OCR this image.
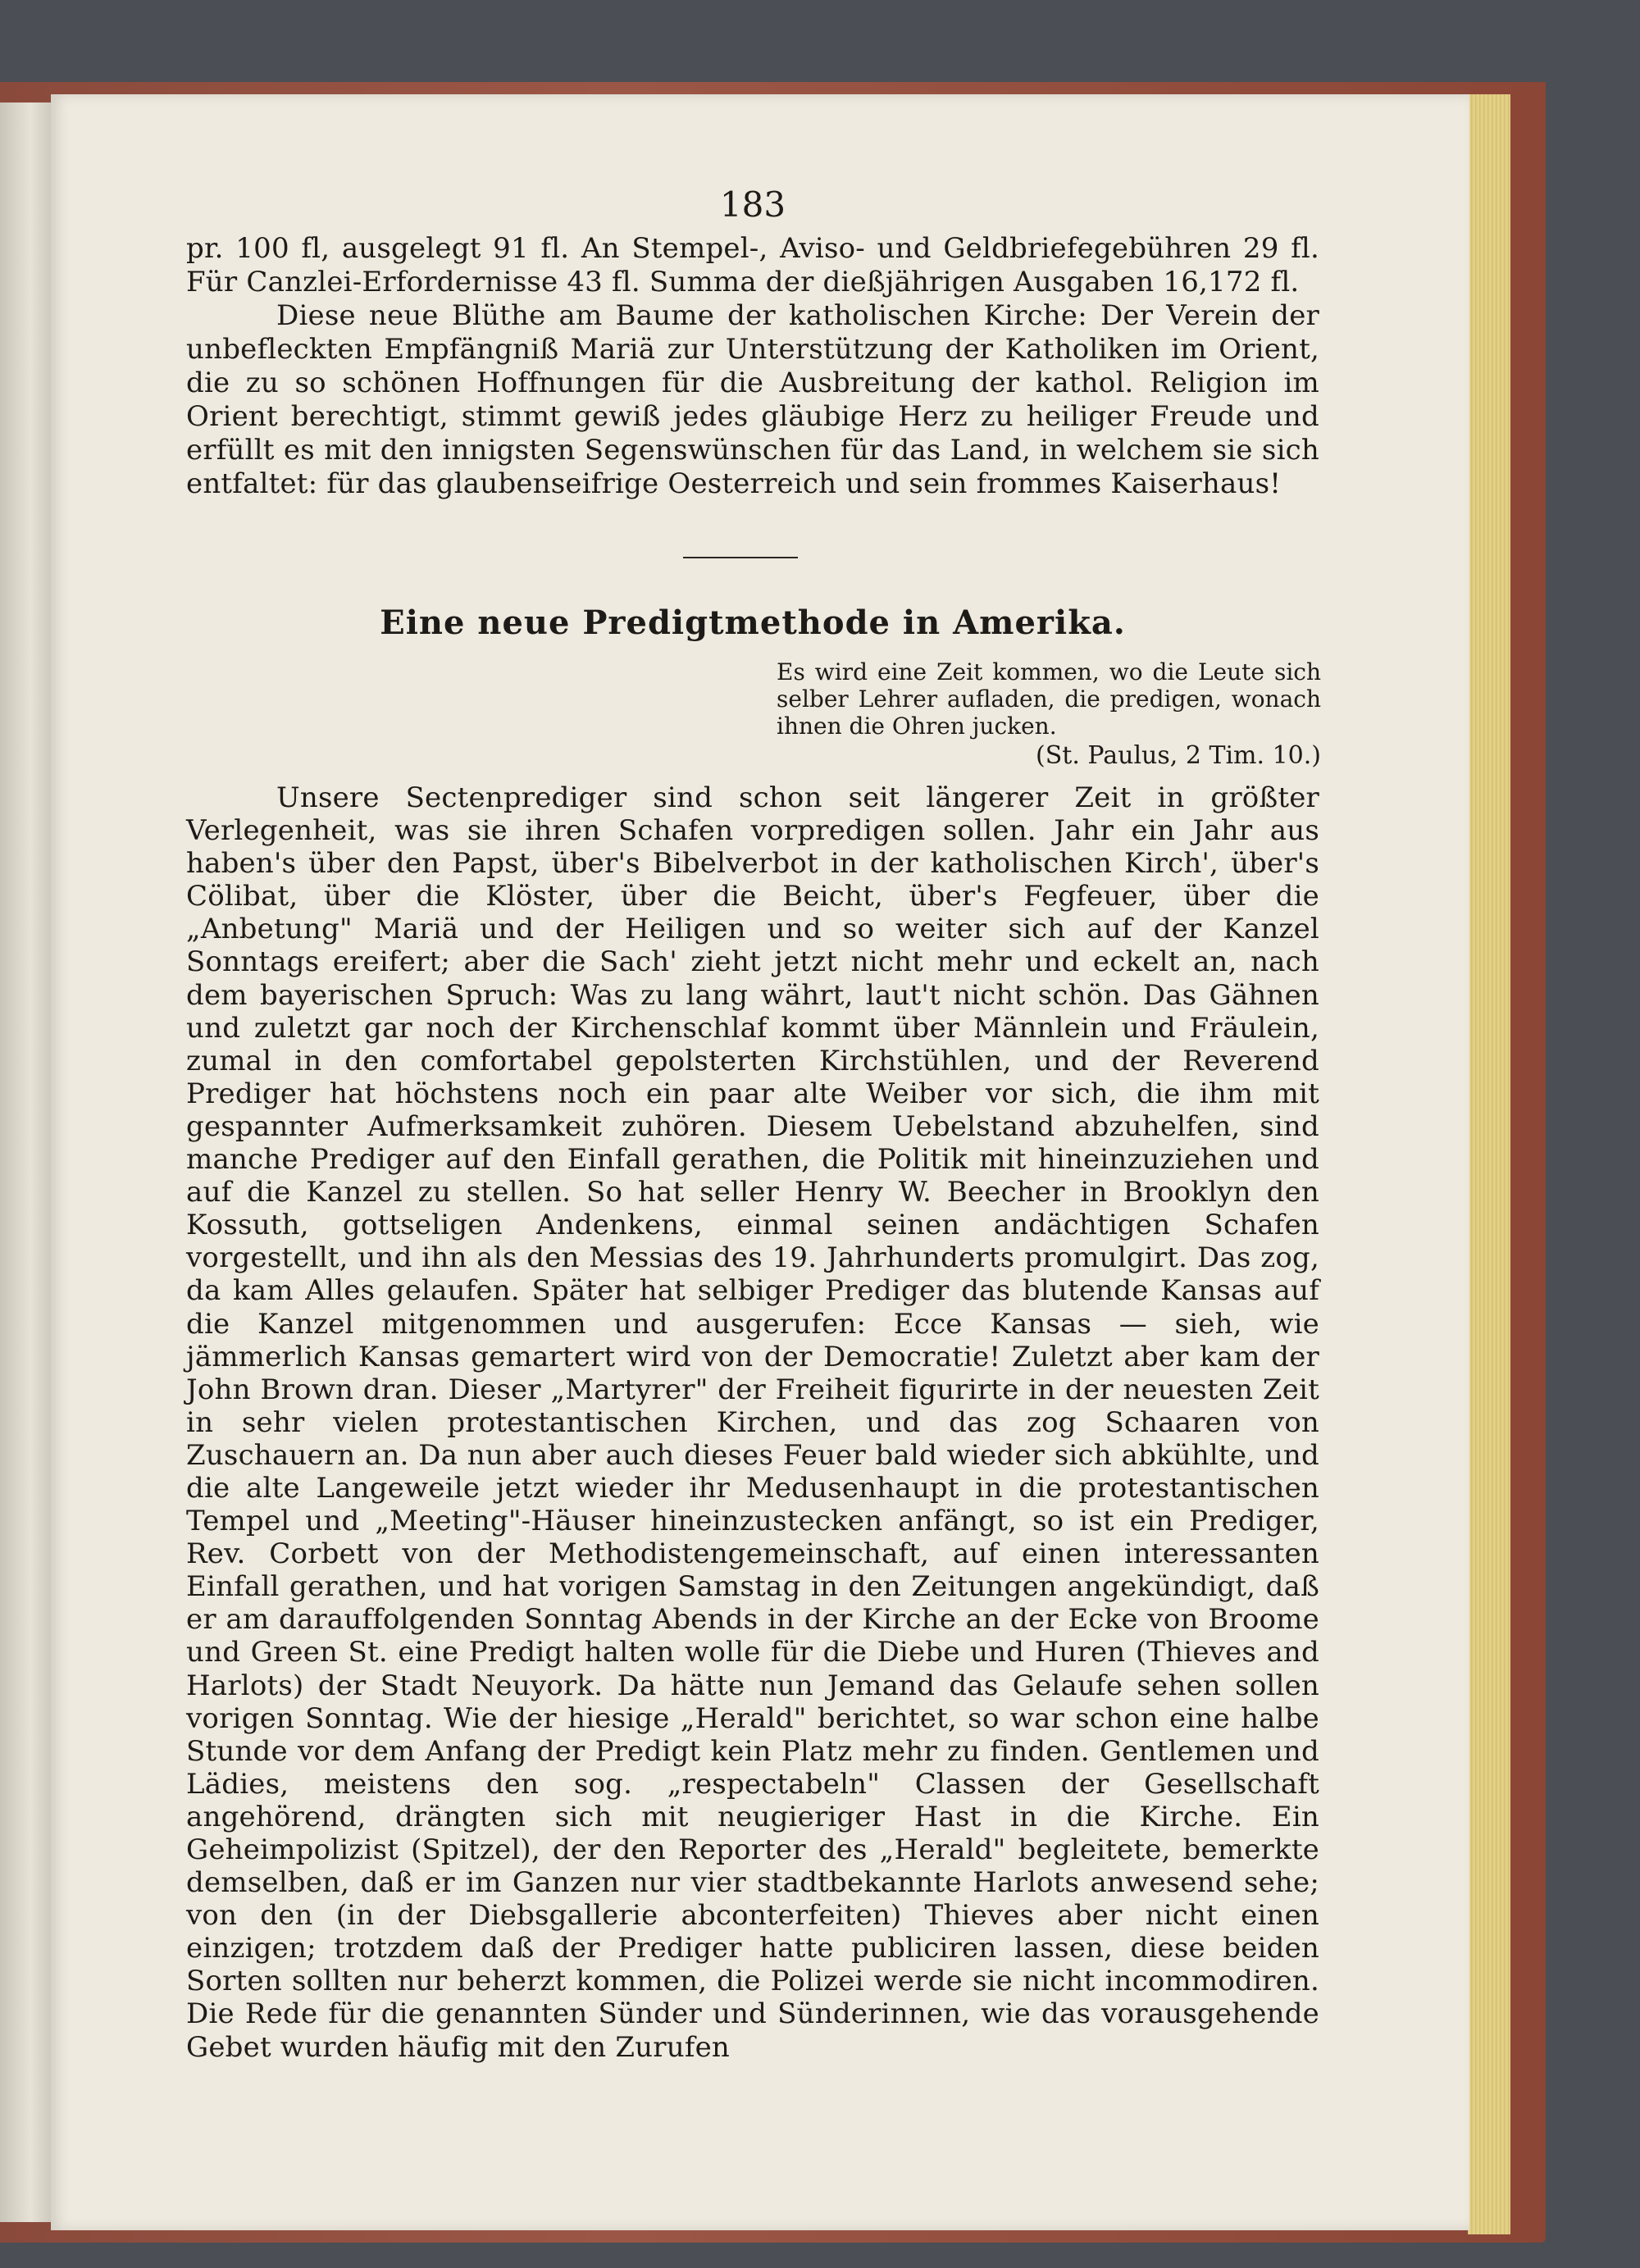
183

pr. 100 fl, ausgelegt 91 fl. An Stempel-, Aviso- und Geldbriefegebühren 29 fl. Für Canzlei-Erfordernisse 43 fl. Summa der dießjährigen Ausgaben 16,172 fl.

Diese neue Blüthe am Baume der katholischen Kirche: Der Verein der unbefleckten Empfängniß Mariä zur Unterstützung der Katholiken im Orient, die zu so schönen Hoffnungen für die Ausbreitung der kathol. Religion im Orient berechtigt, stimmt gewiß jedes gläubige Herz zu heiliger Freude und erfüllt es mit den innigsten Segenswünschen für das Land, in welchem sie sich entfaltet: für das glaubenseifrige Oesterreich und sein frommes Kaiserhaus!

Eine neue Predigtmethode in Amerika.

Es wird eine Zeit kommen, wo die Leute sich selber Lehrer aufladen, die predigen, wonach ihnen die Ohren jucken.

(St. Paulus, 2 Tim. 10.)

Unsere Sectenprediger sind schon seit längerer Zeit in größter Verlegenheit, was sie ihren Schafen vorpredigen sollen. Jahr ein Jahr aus haben's über den Papst, über's Bibelverbot in der katholischen Kirch', über's Cölibat, über die Klöster, über die Beicht, über's Fegfeuer, über die „Anbetung" Mariä und der Heiligen und so weiter sich auf der Kanzel Sonntags ereifert; aber die Sach' zieht jetzt nicht mehr und eckelt an, nach dem bayerischen Spruch: Was zu lang währt, laut't nicht schön. Das Gähnen und zuletzt gar noch der Kirchenschlaf kommt über Männlein und Fräulein, zumal in den comfortabel gepolsterten Kirchstühlen, und der Reverend Prediger hat höchstens noch ein paar alte Weiber vor sich, die ihm mit gespannter Aufmerksamkeit zuhören. Diesem Uebelstand abzuhelfen, sind manche Prediger auf den Einfall gerathen, die Politik mit hineinzuziehen und auf die Kanzel zu stellen. So hat seller Henry W. Beecher in Brooklyn den Kossuth, gottseligen Andenkens, einmal seinen andächtigen Schafen vorgestellt, und ihn als den Messias des 19. Jahrhunderts promulgirt. Das zog, da kam Alles gelaufen. Später hat selbiger Prediger das blutende Kansas auf die Kanzel mitgenommen und ausgerufen: Ecce Kansas — sieh, wie jämmerlich Kansas gemartert wird von der Democratie! Zuletzt aber kam der John Brown dran. Dieser „Martyrer" der Freiheit figurirte in der neuesten Zeit in sehr vielen protestantischen Kirchen, und das zog Schaaren von Zuschauern an. Da nun aber auch dieses Feuer bald wieder sich abkühlte, und die alte Langeweile jetzt wieder ihr Medusenhaupt in die protestantischen Tempel und „Meeting"-Häuser hineinzustecken anfängt, so ist ein Prediger, Rev. Corbett von der Methodistengemeinschaft, auf einen interessanten Einfall gerathen, und hat vorigen Samstag in den Zeitungen angekündigt, daß er am darauffolgenden Sonntag Abends in der Kirche an der Ecke von Broome und Green St. eine Predigt halten wolle für die Diebe und Huren (Thieves and Harlots) der Stadt Neuyork. Da hätte nun Jemand das Gelaufe sehen sollen vorigen Sonntag. Wie der hiesige „Herald" berichtet, so war schon eine halbe Stunde vor dem Anfang der Predigt kein Platz mehr zu finden. Gentlemen und Lädies, meistens den sog. „respectabeln" Classen der Gesellschaft angehörend, drängten sich mit neugieriger Hast in die Kirche. Ein Geheimpolizist (Spitzel), der den Reporter des „Herald" begleitete, bemerkte demselben, daß er im Ganzen nur vier stadtbekannte Harlots anwesend sehe; von den (in der Diebsgallerie abconterfeiten) Thieves aber nicht einen einzigen; trotzdem daß der Prediger hatte publiciren lassen, diese beiden Sorten sollten nur beherzt kommen, die Polizei werde sie nicht incommodiren. Die Rede für die genannten Sünder und Sünderinnen, wie das vorausgehende Gebet wurden häufig mit den Zurufen
